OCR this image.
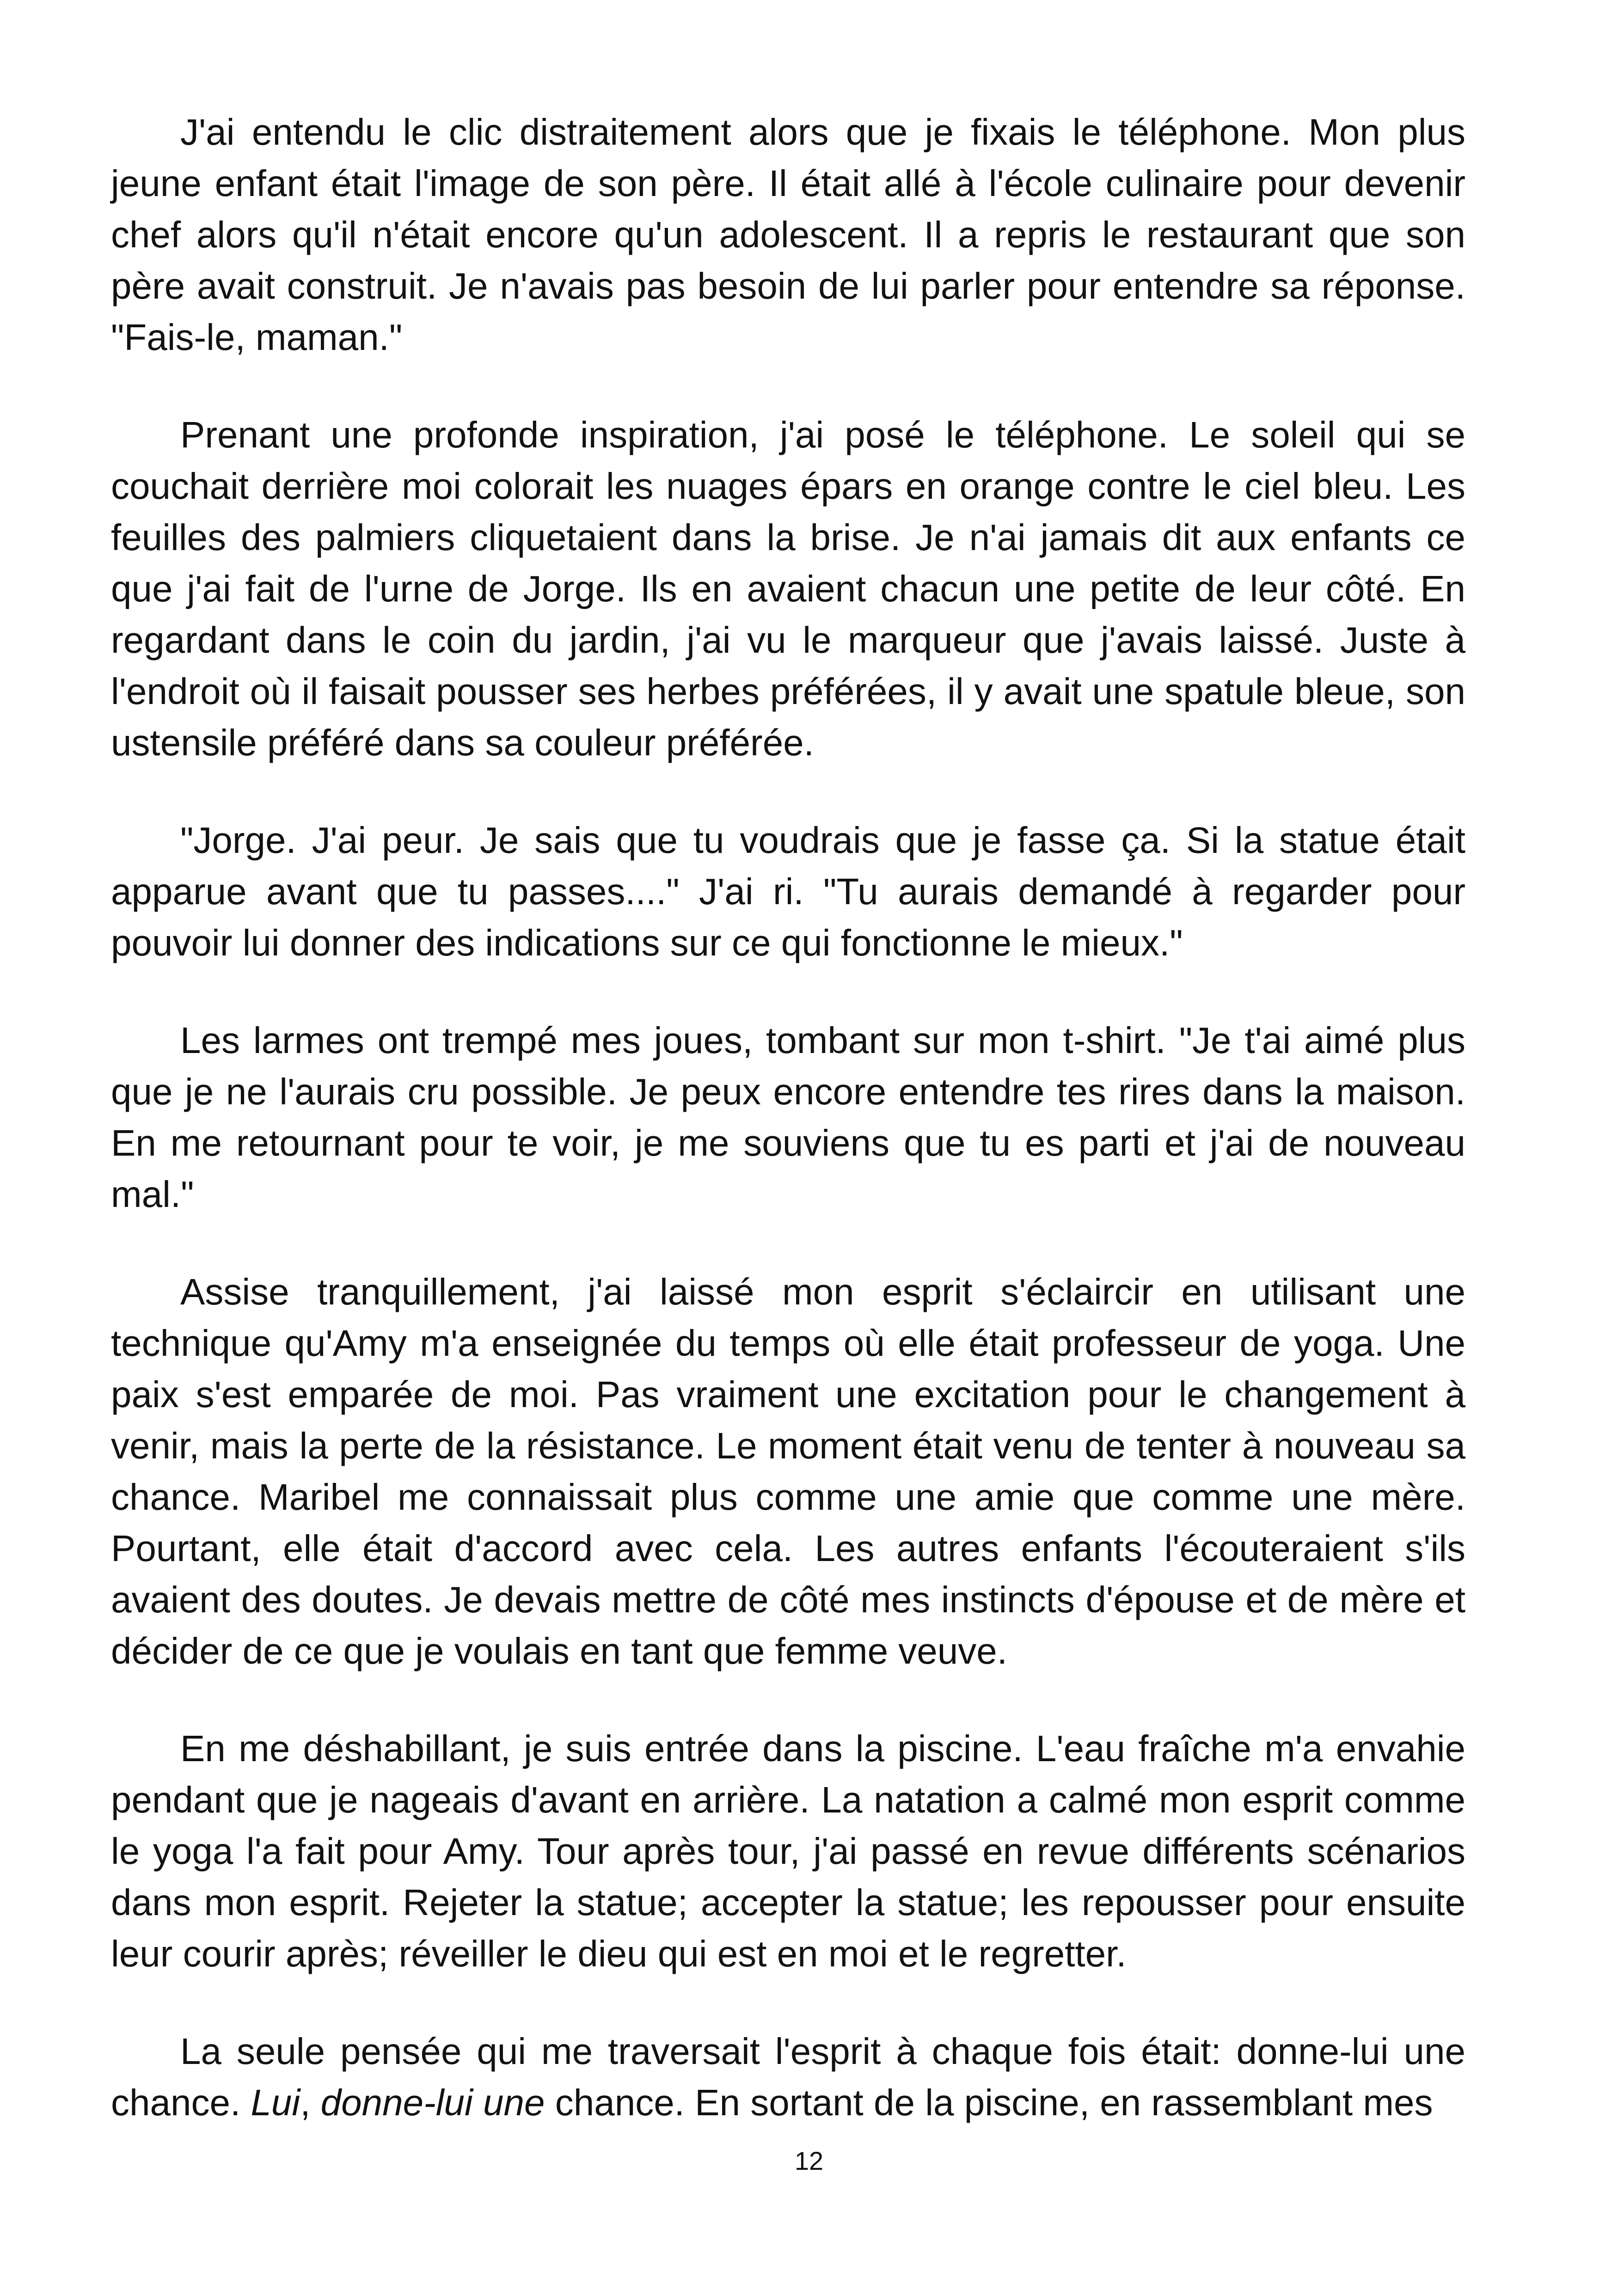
J'ai entendu le clic distraitement alors que je fixais le téléphone. Mon plus jeune enfant était l'image de son père. Il était allé à l'école culinaire pour devenir chef alors qu'il n'était encore qu'un adolescent. Il a repris le restaurant que son père avait construit. Je n'avais pas besoin de lui parler pour entendre sa réponse. "Fais-le, maman."

Prenant une profonde inspiration, j'ai posé le téléphone. Le soleil qui se couchait derrière moi colorait les nuages épars en orange contre le ciel bleu. Les feuilles des palmiers cliquetaient dans la brise. Je n'ai jamais dit aux enfants ce que j'ai fait de l'urne de Jorge. Ils en avaient chacun une petite de leur côté. En regardant dans le coin du jardin, j'ai vu le marqueur que j'avais laissé. Juste à l'endroit où il faisait pousser ses herbes préférées, il y avait une spatule bleue, son ustensile préféré dans sa couleur préférée.

"Jorge. J'ai peur. Je sais que tu voudrais que je fasse ça. Si la statue était apparue avant que tu passes...." J'ai ri. "Tu aurais demandé à regarder pour pouvoir lui donner des indications sur ce qui fonctionne le mieux."

Les larmes ont trempé mes joues, tombant sur mon t-shirt. "Je t'ai aimé plus que je ne l'aurais cru possible. Je peux encore entendre tes rires dans la maison. En me retournant pour te voir, je me souviens que tu es parti et j'ai de nouveau mal."

Assise tranquillement, j'ai laissé mon esprit s'éclaircir en utilisant une technique qu'Amy m'a enseignée du temps où elle était professeur de yoga. Une paix s'est emparée de moi. Pas vraiment une excitation pour le changement à venir, mais la perte de la résistance. Le moment était venu de tenter à nouveau sa chance. Maribel me connaissait plus comme une amie que comme une mère. Pourtant, elle était d'accord avec cela. Les autres enfants l'écouteraient s'ils avaient des doutes. Je devais mettre de côté mes instincts d'épouse et de mère et décider de ce que je voulais en tant que femme veuve.

En me déshabillant, je suis entrée dans la piscine. L'eau fraîche m'a envahie pendant que je nageais d'avant en arrière. La natation a calmé mon esprit comme le yoga l'a fait pour Amy. Tour après tour, j'ai passé en revue différents scénarios dans mon esprit. Rejeter la statue; accepter la statue; les repousser pour ensuite leur courir après; réveiller le dieu qui est en moi et le regretter.

La seule pensée qui me traversait l'esprit à chaque fois était: donne-lui une chance. Lui, donne-lui une chance. En sortant de la piscine, en rassemblant mes

12
